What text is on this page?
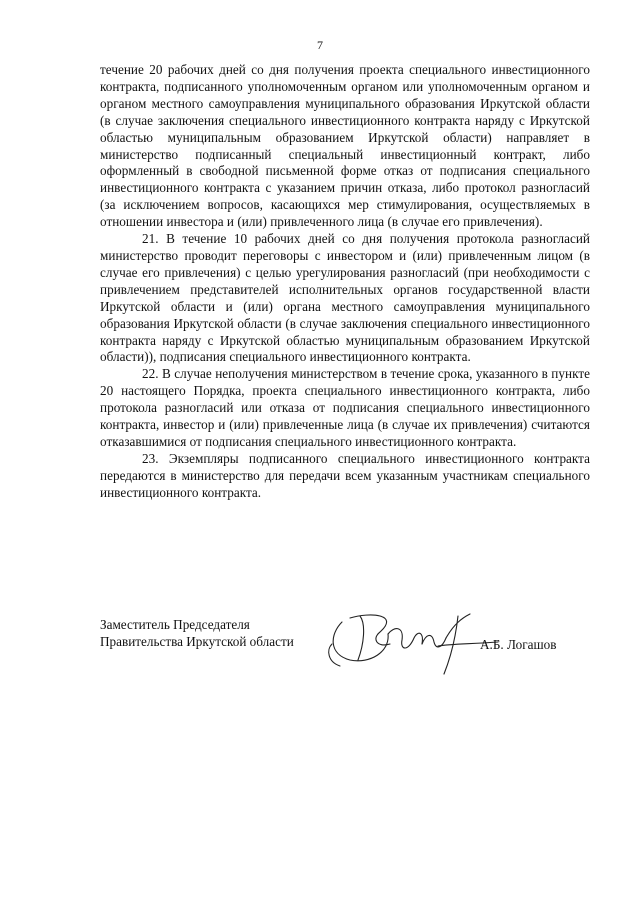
7

течение 20 рабочих дней со дня получения проекта специального инвестиционного контракта, подписанного уполномоченным органом или уполномоченным органом и органом местного самоуправления муниципального образования Иркутской области (в случае заключения специального инвестиционного контракта наряду с Иркутской областью муниципальным образованием Иркутской области) направляет в министерство подписанный специальный инвестиционный контракт, либо оформленный в свободной письменной форме отказ от подписания специального инвестиционного контракта с указанием причин отказа, либо протокол разногласий (за исключением вопросов, касающихся мер стимулирования, осуществляемых в отношении инвестора и (или) привлеченного лица (в случае его привлечения).

21. В течение 10 рабочих дней со дня получения протокола разногласий министерство проводит переговоры с инвестором и (или) привлеченным лицом (в случае его привлечения) с целью урегулирования разногласий (при необходимости с привлечением представителей исполнительных органов государственной власти Иркутской области и (или) органа местного самоуправления муниципального образования Иркутской области (в случае заключения специального инвестиционного контракта наряду с Иркутской областью муниципальным образованием Иркутской области)), подписания специального инвестиционного контракта.

22. В случае неполучения министерством в течение срока, указанного в пункте 20 настоящего Порядка, проекта специального инвестиционного контракта, либо протокола разногласий или отказа от подписания специального инвестиционного контракта, инвестор и (или) привлеченные лица (в случае их привлечения) считаются отказавшимися от подписания специального инвестиционного контракта.

23. Экземпляры подписанного специального инвестиционного контракта передаются в министерство для передачи всем указанным участникам специального инвестиционного контракта.

Заместитель Председателя
Правительства Иркутской области	А.Б. Логашов
